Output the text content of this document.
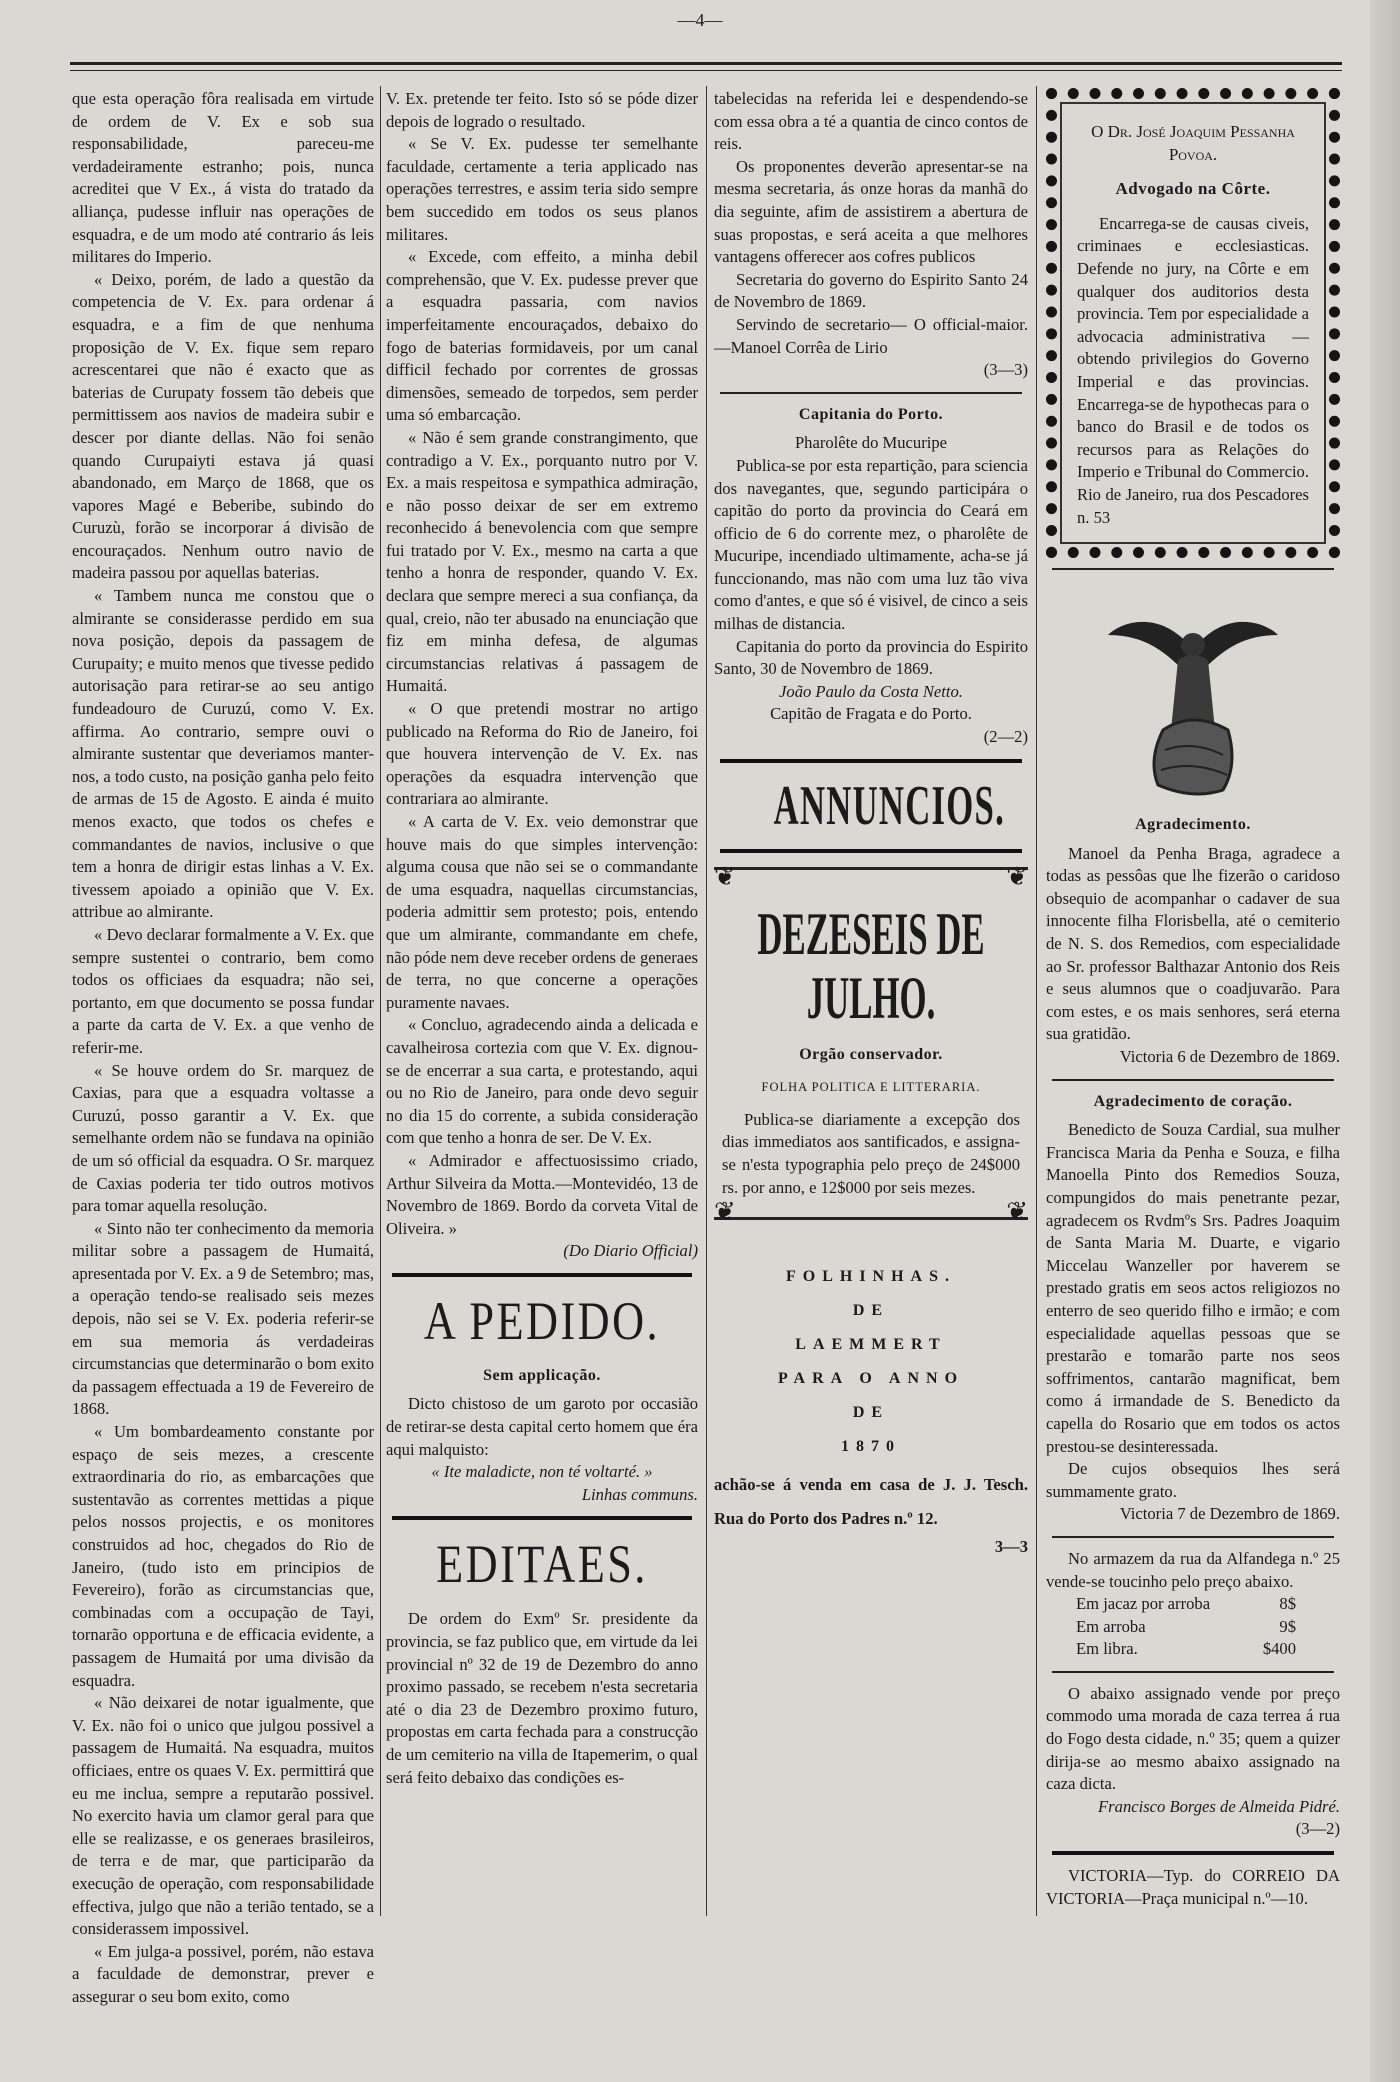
—4—

que esta operação fôra realisada em virtude de ordem de V. Ex e sob sua responsabilidade, pareceu-me verdadeiramente estranho; pois, nunca acreditei que V Ex., á vista do tratado da alliança, pudesse influir nas operações de esquadra, e de um modo até contrario ás leis militares do Imperio.

« Deixo, porém, de lado a questão da competencia de V. Ex. para ordenar á esquadra, e a fim de que nenhuma proposição de V. Ex. fique sem reparo acrescentarei que não é exacto que as baterias de Curupaty fossem tão debeis que permittissem aos navios de madeira subir e descer por diante dellas. Não foi senão quando Curupaiyti estava já quasi abandonado, em Março de 1868, que os vapores Magé e Beberibe, subindo do Curuzù, forão se incorporar á divisão de encouraçados. Nenhum outro navio de madeira passou por aquellas baterias.

« Tambem nunca me constou que o almirante se considerasse perdido em sua nova posição, depois da passagem de Curupaity; e muito menos que tivesse pedido autorisação para retirar-se ao seu antigo fundeadouro de Curuzú, como V. Ex. affirma. Ao contrario, sempre ouvi o almirante sustentar que deveriamos manter-nos, a todo custo, na posição ganha pelo feito de armas de 15 de Agosto. E ainda é muito menos exacto, que todos os chefes e commandantes de navios, inclusive o que tem a honra de dirigir estas linhas a V. Ex. tivessem apoiado a opinião que V. Ex. attribue ao almirante.

« Devo declarar formalmente a V. Ex. que sempre sustentei o contrario, bem como todos os officiaes da esquadra; não sei, portanto, em que documento se possa fundar a parte da carta de V. Ex. a que venho de referir-me.

« Se houve ordem do Sr. marquez de Caxias, para que a esquadra voltasse a Curuzú, posso garantir a V. Ex. que semelhante ordem não se fundava na opinião de um só official da esquadra. O Sr. marquez de Caxias poderia ter tido outros motivos para tomar aquella resolução.

« Sinto não ter conhecimento da memoria militar sobre a passagem de Humaitá, apresentada por V. Ex. a 9 de Setembro; mas, a operação tendo-se realisado seis mezes depois, não sei se V. Ex. poderia referir-se em sua memoria ás verdadeiras circumstancias que determinarão o bom exito da passagem effectuada a 19 de Fevereiro de 1868.

« Um bombardeamento constante por espaço de seis mezes, a crescente extraordinaria do rio, as embarcações que sustentavão as correntes mettidas a pique pelos nossos projectis, e os monitores construidos ad hoc, chegados do Rio de Janeiro, (tudo isto em principios de Fevereiro), forão as circumstancias que, combinadas com a occupação de Tayi, tornarão opportuna e de efficacia evidente, a passagem de Humaitá por uma divisão da esquadra.

« Não deixarei de notar igualmente, que V. Ex. não foi o unico que julgou possivel a passagem de Humaitá. Na esquadra, muitos officiaes, entre os quaes V. Ex. permittirá que eu me inclua, sempre a reputarão possivel. No exercito havia um clamor geral para que elle se realizasse, e os generaes brasileiros, de terra e de mar, que participarão da execução de operação, com responsabilidade effectiva, julgo que não a terião tentado, se a considerassem impossivel.

« Em julga-a possivel, porém, não estava a faculdade de demonstrar, prever e assegurar o seu bom exito, como

V. Ex. pretende ter feito. Isto só se póde dizer depois de logrado o resultado.

« Se V. Ex. pudesse ter semelhante faculdade, certamente a teria applicado nas operações terrestres, e assim teria sido sempre bem succedido em todos os seus planos militares.

« Excede, com effeito, a minha debil comprehensão, que V. Ex. pudesse prever que a esquadra passaria, com navios imperfeitamente encouraçados, debaixo do fogo de baterias formidaveis, por um canal difficil fechado por correntes de grossas dimensões, semeado de torpedos, sem perder uma só embarcação.

« Não é sem grande constrangimento, que contradigo a V. Ex., porquanto nutro por V. Ex. a mais respeitosa e sympathica admiração, e não posso deixar de ser em extremo reconhecido á benevolencia com que sempre fui tratado por V. Ex., mesmo na carta a que tenho a honra de responder, quando V. Ex. declara que sempre mereci a sua confiança, da qual, creio, não ter abusado na enunciação que fiz em minha defesa, de algumas circumstancias relativas á passagem de Humaitá.

« O que pretendi mostrar no artigo publicado na Reforma do Rio de Janeiro, foi que houvera intervenção de V. Ex. nas operações da esquadra intervenção que contrariara ao almirante.

« A carta de V. Ex. veio demonstrar que houve mais do que simples intervenção: alguma cousa que não sei se o commandante de uma esquadra, naquellas circumstancias, poderia admittir sem protesto; pois, entendo que um almirante, commandante em chefe, não póde nem deve receber ordens de generaes de terra, no que concerne a operações puramente navaes.

« Concluo, agradecendo ainda a delicada e cavalheirosa cortezia com que V. Ex. dignou-se de encerrar a sua carta, e protestando, aqui ou no Rio de Janeiro, para onde devo seguir no dia 15 do corrente, a subida consideração com que tenho a honra de ser. De V. Ex.

« Admirador e affectuosissimo criado, Arthur Silveira da Motta.—Montevidéo, 13 de Novembro de 1869. Bordo da corveta Vital de Oliveira. »

(Do Diario Official)
A PEDIDO.
Sem applicação.

Dicto chistoso de um garoto por occasião de retirar-se desta capital certo homem que éra aqui malquisto:

« Ite maladicte, non té voltarté. »
Linhas communs.
EDITAES.

De ordem do Exmº Sr. presidente da provincia, se faz publico que, em virtude da lei provincial nº 32 de 19 de Dezembro do anno proximo passado, se recebem n'esta secretaria até o dia 23 de Dezembro proximo futuro, propostas em carta fechada para a construcção de um cemiterio na villa de Itapemerim, o qual será feito debaixo das condições es-

tabelecidas na referida lei e despendendo-se com essa obra a té a quantia de cinco contos de reis.

Os proponentes deverão apresentar-se na mesma secretaria, ás onze horas da manhã do dia seguinte, afim de assistirem a abertura de suas propostas, e será aceita a que melhores vantagens offerecer aos cofres publicos

Secretaria do governo do Espirito Santo 24 de Novembro de 1869.

Servindo de secretario— O official-maior.—Manoel Corrêa de Lirio

(3—3)
Capitania do Porto.
Pharolête do Mucuripe

Publica-se por esta repartição, para sciencia dos navegantes, que, segundo participára o capitão do porto da provincia do Ceará em officio de 6 do corrente mez, o pharolête de Mucuripe, incendiado ultimamente, acha-se já funccionando, mas não com uma luz tão viva como d'antes, e que só é visivel, de cinco a seis milhas de distancia.

Capitania do porto da provincia do Espirito Santo, 30 de Novembro de 1869.

João Paulo da Costa Netto.
Capitão de Fragata e do Porto.
(2—2)
ANNUNCIOS.
❦	❦
❦	❦
DEZESEIS DE JULHO.
Orgão conservador.
FOLHA POLITICA E LITTERARIA.

Publica-se diariamente a excepção dos dias immediatos aos santificados, e assigna-se n'esta typographia pelo preço de 24$000 rs. por anno, e 12$000 por seis mezes.

FOLHINHAS.

DE

LAEMMERT

PARA O ANNO

DE

1870

achão-se á venda em casa de J. J. Tesch. Rua do Porto dos Padres n.º 12.

3—3

O Dr. José Joaquim Pessanha Povoa.

Advogado na Côrte.

Encarrega-se de causas civeis, criminaes e ecclesiasticas. Defende no jury, na Côrte e em qualquer dos auditorios desta provincia. Tem por especialidade a advocacia administrativa —obtendo privilegios do Governo Imperial e das provincias. Encarrega-se de hypothecas para o banco do Brasil e de todos os recursos para as Relações do Imperio e Tribunal do Commercio. Rio de Janeiro, rua dos Pescadores n. 53

Agradecimento.

Manoel da Penha Braga, agradece a todas as pessôas que lhe fizerão o caridoso obsequio de acompanhar o cadaver de sua innocente filha Florisbella, até o cemiterio de N. S. dos Remedios, com especialidade ao Sr. professor Balthazar Antonio dos Reis e seus alumnos que o coadjuvarão. Para com estes, e os mais senhores, será eterna sua gratidão.

Victoria 6 de Dezembro de 1869.
Agradecimento de coração.

Benedicto de Souza Cardial, sua mulher Francisca Maria da Penha e Souza, e filha Manoella Pinto dos Remedios Souza, compungidos do mais penetrante pezar, agradecem os Rvdmºs Srs. Padres Joaquim de Santa Maria M. Duarte, e vigario Miccelau Wanzeller por haverem se prestado gratis em seos actos religiozos no enterro de seo querido filho e irmão; e com especialidade aquellas pessoas que se prestarão e tomarão parte nos seos soffrimentos, cantarão magnificat, bem como á irmandade de S. Benedicto da capella do Rosario que em todos os actos prestou-se desinteressada.

De cujos obsequios lhes será summamente grato.

Victoria 7 de Dezembro de 1869.

No armazem da rua da Alfandega n.º 25 vende-se toucinho pelo preço abaixo.

Em jacaz por arroba	8$
Em arroba	9$
Em libra.	$400

O abaixo assignado vende por preço commodo uma morada de caza terrea á rua do Fogo desta cidade, n.º 35; quem a quizer dirija-se ao mesmo abaixo assignado na caza dicta.

Francisco Borges de Almeida Pidré.
(3—2)

VICTORIA—Typ. do CORREIO DA VICTORIA—Praça municipal n.º—10.
